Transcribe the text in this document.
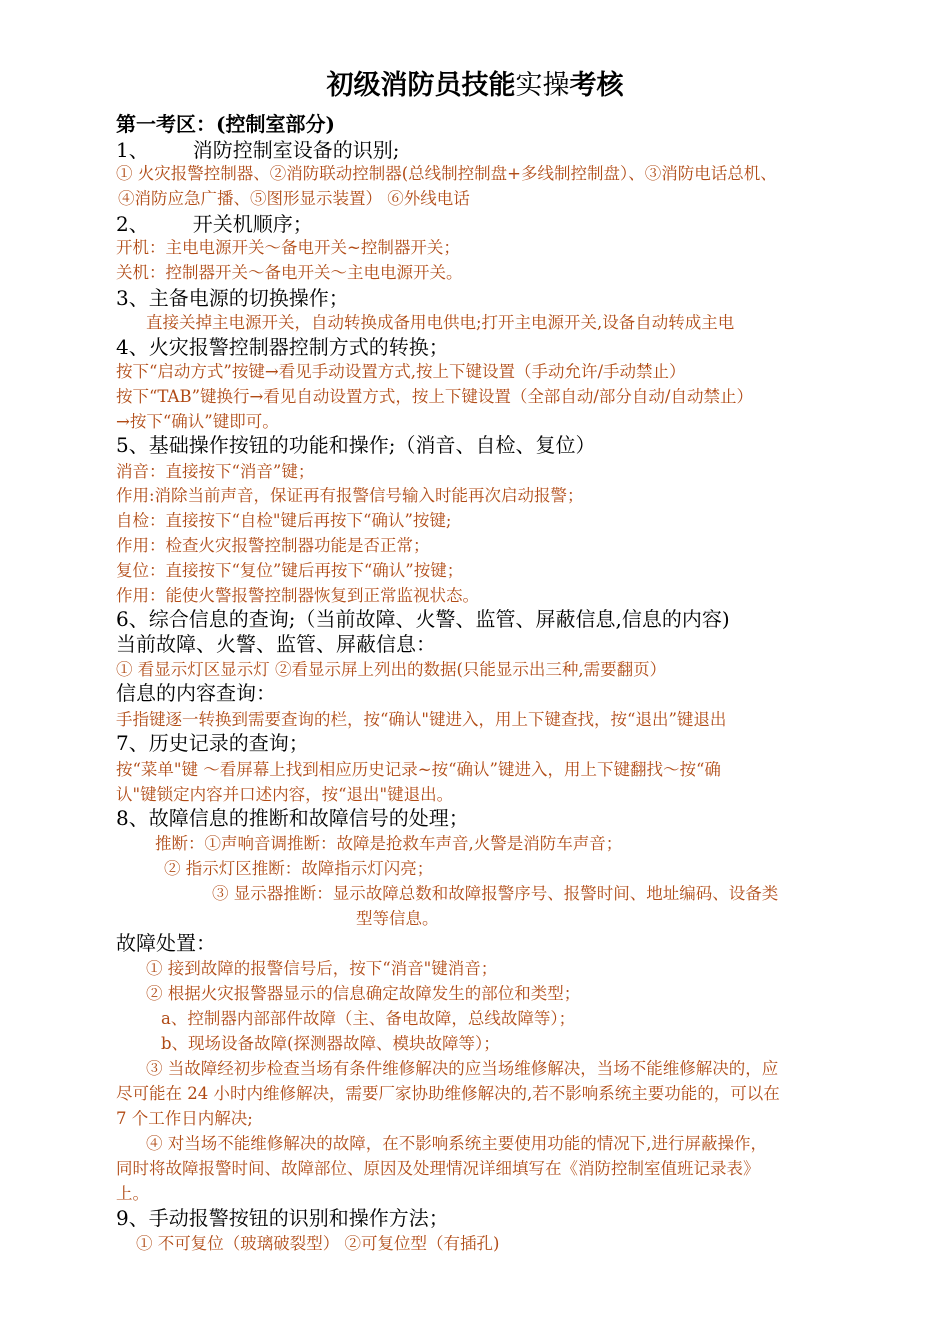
初级消防员技能实操考核
第一考区：(控制室部分)
1、 消防控制室设备的识别;
① 火灾报警控制器、②消防联动控制器(总线制控制盘+多线制控制盘）、③消防电话总机、
④消防应急广播、⑤图形显示装置） ⑥外线电话
2、 开关机顺序；
开机：主电电源开关～备电开关~控制器开关；
关机：控制器开关～备电开关～主电电源开关。
3、主备电源的切换操作；
直接关掉主电源开关，自动转换成备用电供电;打开主电源开关,设备自动转成主电
4、火灾报警控制器控制方式的转换；
按下“启动方式”按键→看见手动设置方式,按上下键设置（手动允许/手动禁止）
按下“TAB”键换行→看见自动设置方式，按上下键设置（全部自动/部分自动/自动禁止）
→按下“确认”键即可。
5、基础操作按钮的功能和操作;（消音、自检、复位）
消音：直接按下“消音”键；
作用:消除当前声音，保证再有报警信号输入时能再次启动报警；
自检：直接按下“自检"键后再按下“确认”按键;
作用：检查火灾报警控制器功能是否正常；
复位：直接按下“复位”键后再按下“确认”按键；
作用：能使火警报警控制器恢复到正常监视状态。
6、综合信息的查询;（当前故障、火警、监管、屏蔽信息,信息的内容)
当前故障、火警、监管、屏蔽信息：
① 看显示灯区显示灯 ②看显示屏上列出的数据(只能显示出三种,需要翻页）
信息的内容查询：
手指键逐一转换到需要查询的栏，按“确认"键进入，用上下键查找，按“退出”键退出
7、历史记录的查询；
按“菜单"键 ～看屏幕上找到相应历史记录~按“确认”键进入，用上下键翻找～按“确
认"键锁定内容并口述内容，按“退出"键退出。
8、故障信息的推断和故障信号的处理；
推断：①声响音调推断：故障是抢救车声音,火警是消防车声音；
② 指示灯区推断：故障指示灯闪亮；
③ 显示器推断：显示故障总数和故障报警序号、报警时间、地址编码、设备类
型等信息。
故障处置：
① 接到故障的报警信号后，按下“消音"键消音；
② 根据火灾报警器显示的信息确定故障发生的部位和类型；
a、控制器内部部件故障（主、备电故障，总线故障等）；
b、现场设备故障(探测器故障、模块故障等）；
③ 当故障经初步检查当场有条件维修解决的应当场维修解决，当场不能维修解决的，应
尽可能在 24 小时内维修解决，需要厂家协助维修解决的,若不影响系统主要功能的，可以在
7 个工作日内解决;
④ 对当场不能维修解决的故障，在不影响系统主要使用功能的情况下,进行屏蔽操作，
同时将故障报警时间、故障部位、原因及处理情况详细填写在《消防控制室值班记录表》
上。
9、手动报警按钮的识别和操作方法；
① 不可复位（玻璃破裂型） ②可复位型（有插孔)
